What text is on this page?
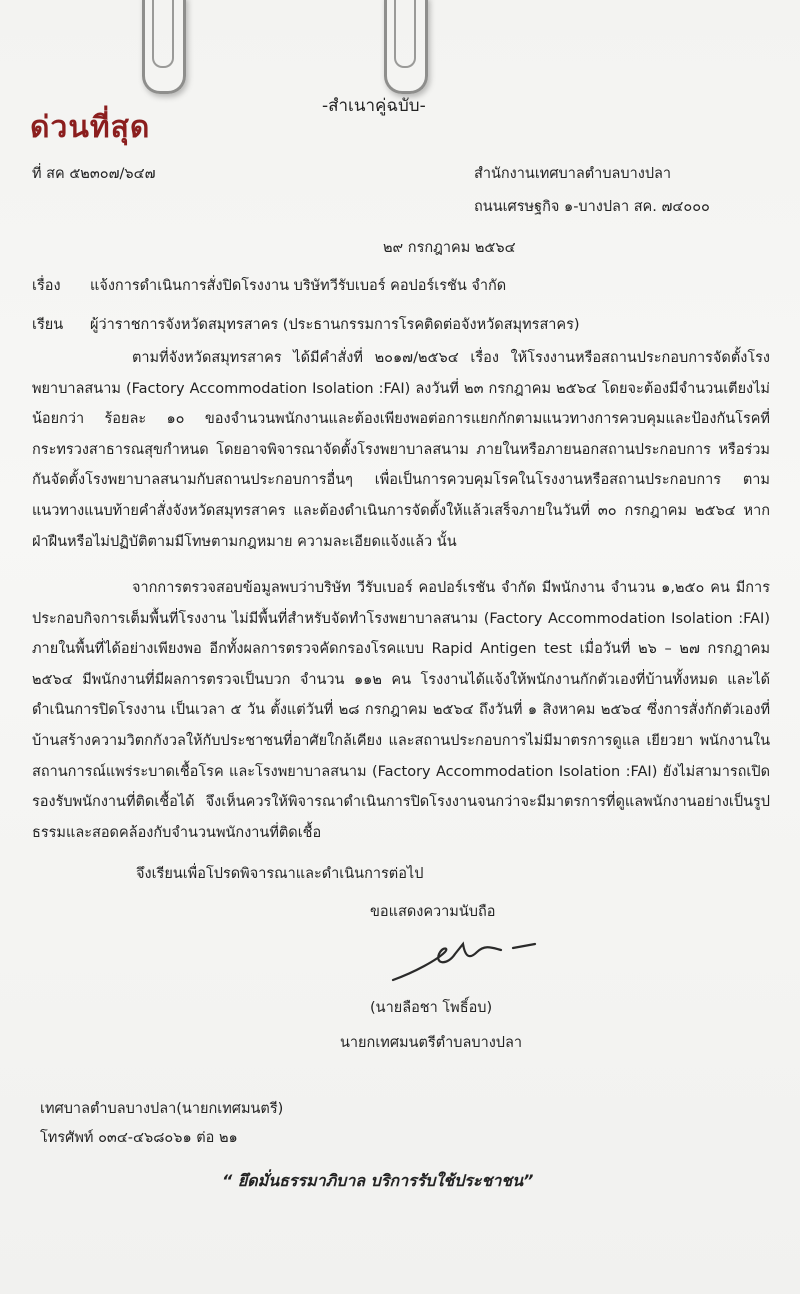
-สำเนาคู่ฉบับ-
ด่วนที่สุด
ที่ สค ๕๒๓๐๗/๖๔๗	สำนักงานเทศบาลตำบลบางปลา
ถนนเศรษฐกิจ ๑-บางปลา สค. ๗๔๐๐๐
๒๙ กรกฎาคม ๒๕๖๔
เรื่อง แจ้งการดำเนินการสั่งปิดโรงงาน บริษัทวีรับเบอร์ คอปอร์เรชัน จำกัด
เรียน ผู้ว่าราชการจังหวัดสมุทรสาคร (ประธานกรรมการโรคติดต่อจังหวัดสมุทรสาคร)
ตามที่จังหวัดสมุทรสาคร ได้มีคำสั่งที่ ๒๐๑๗/๒๕๖๔ เรื่อง ให้โรงงานหรือสถานประกอบการจัดตั้งโรงพยาบาลสนาม (Factory Accommodation Isolation :FAI) ลงวันที่ ๒๓ กรกฎาคม ๒๕๖๔ โดยจะต้องมีจำนวนเตียงไม่น้อยกว่า ร้อยละ ๑๐ ของจำนวนพนักงานและต้องเพียงพอต่อการแยกกักตามแนวทางการควบคุมและป้องกันโรคที่กระทรวงสาธารณสุขกำหนด โดยอาจพิจารณาจัดตั้งโรงพยาบาลสนาม ภายในหรือภายนอกสถานประกอบการ หรือร่วมกันจัดตั้งโรงพยาบาลสนามกับสถานประกอบการอื่นๆ เพื่อเป็นการควบคุมโรคในโรงงานหรือสถานประกอบการ ตามแนวทางแนบท้ายคำสั่งจังหวัดสมุทรสาคร และต้องดำเนินการจัดตั้งให้แล้วเสร็จภายในวันที่ ๓๐ กรกฎาคม ๒๕๖๔ หากฝ่าฝืนหรือไม่ปฏิบัติตามมีโทษตามกฎหมาย ความละเอียดแจ้งแล้ว นั้น
จากการตรวจสอบข้อมูลพบว่าบริษัท วีรับเบอร์ คอปอร์เรชัน จำกัด มีพนักงาน จำนวน ๑,๒๕๐ คน มีการประกอบกิจการเต็มพื้นที่โรงงาน ไม่มีพื้นที่สำหรับจัดทำโรงพยาบาลสนาม (Factory Accommodation Isolation :FAI) ภายในพื้นที่ได้อย่างเพียงพอ อีกทั้งผลการตรวจคัดกรองโรคแบบ Rapid Antigen test เมื่อวันที่ ๒๖ – ๒๗ กรกฎาคม ๒๕๖๔ มีพนักงานที่มีผลการตรวจเป็นบวก จำนวน ๑๑๒ คน โรงงานได้แจ้งให้พนักงานกักตัวเองที่บ้านทั้งหมด และได้ดำเนินการปิดโรงงาน เป็นเวลา ๕ วัน ตั้งแต่วันที่ ๒๘ กรกฎาคม ๒๕๖๔ ถึงวันที่ ๑ สิงหาคม ๒๕๖๔ ซึ่งการสั่งกักตัวเองที่บ้านสร้างความวิตกกังวลให้กับประชาชนที่อาศัยใกล้เคียง และสถานประกอบการไม่มีมาตรการดูแล เยียวยา พนักงานในสถานการณ์แพร่ระบาดเชื้อโรค และโรงพยาบาลสนาม (Factory Accommodation Isolation :FAI) ยังไม่สามารถเปิดรองรับพนักงานที่ติดเชื้อได้ จึงเห็นควรให้พิจารณาดำเนินการปิดโรงงานจนกว่าจะมีมาตรการที่ดูแลพนักงานอย่างเป็นรูปธรรมและสอดคล้องกับจำนวนพนักงานที่ติดเชื้อ
จึงเรียนเพื่อโปรดพิจารณาและดำเนินการต่อไป
ขอแสดงความนับถือ
(นายลือชา โพธิ์อบ)
นายกเทศมนตรีตำบลบางปลา
เทศบาลตำบลบางปลา(นายกเทศมนตรี)
โทรศัพท์ ๐๓๔-๔๖๘๐๖๑ ต่อ ๒๑
“ ยึดมั่นธรรมาภิบาล บริการรับใช้ประชาชน”
